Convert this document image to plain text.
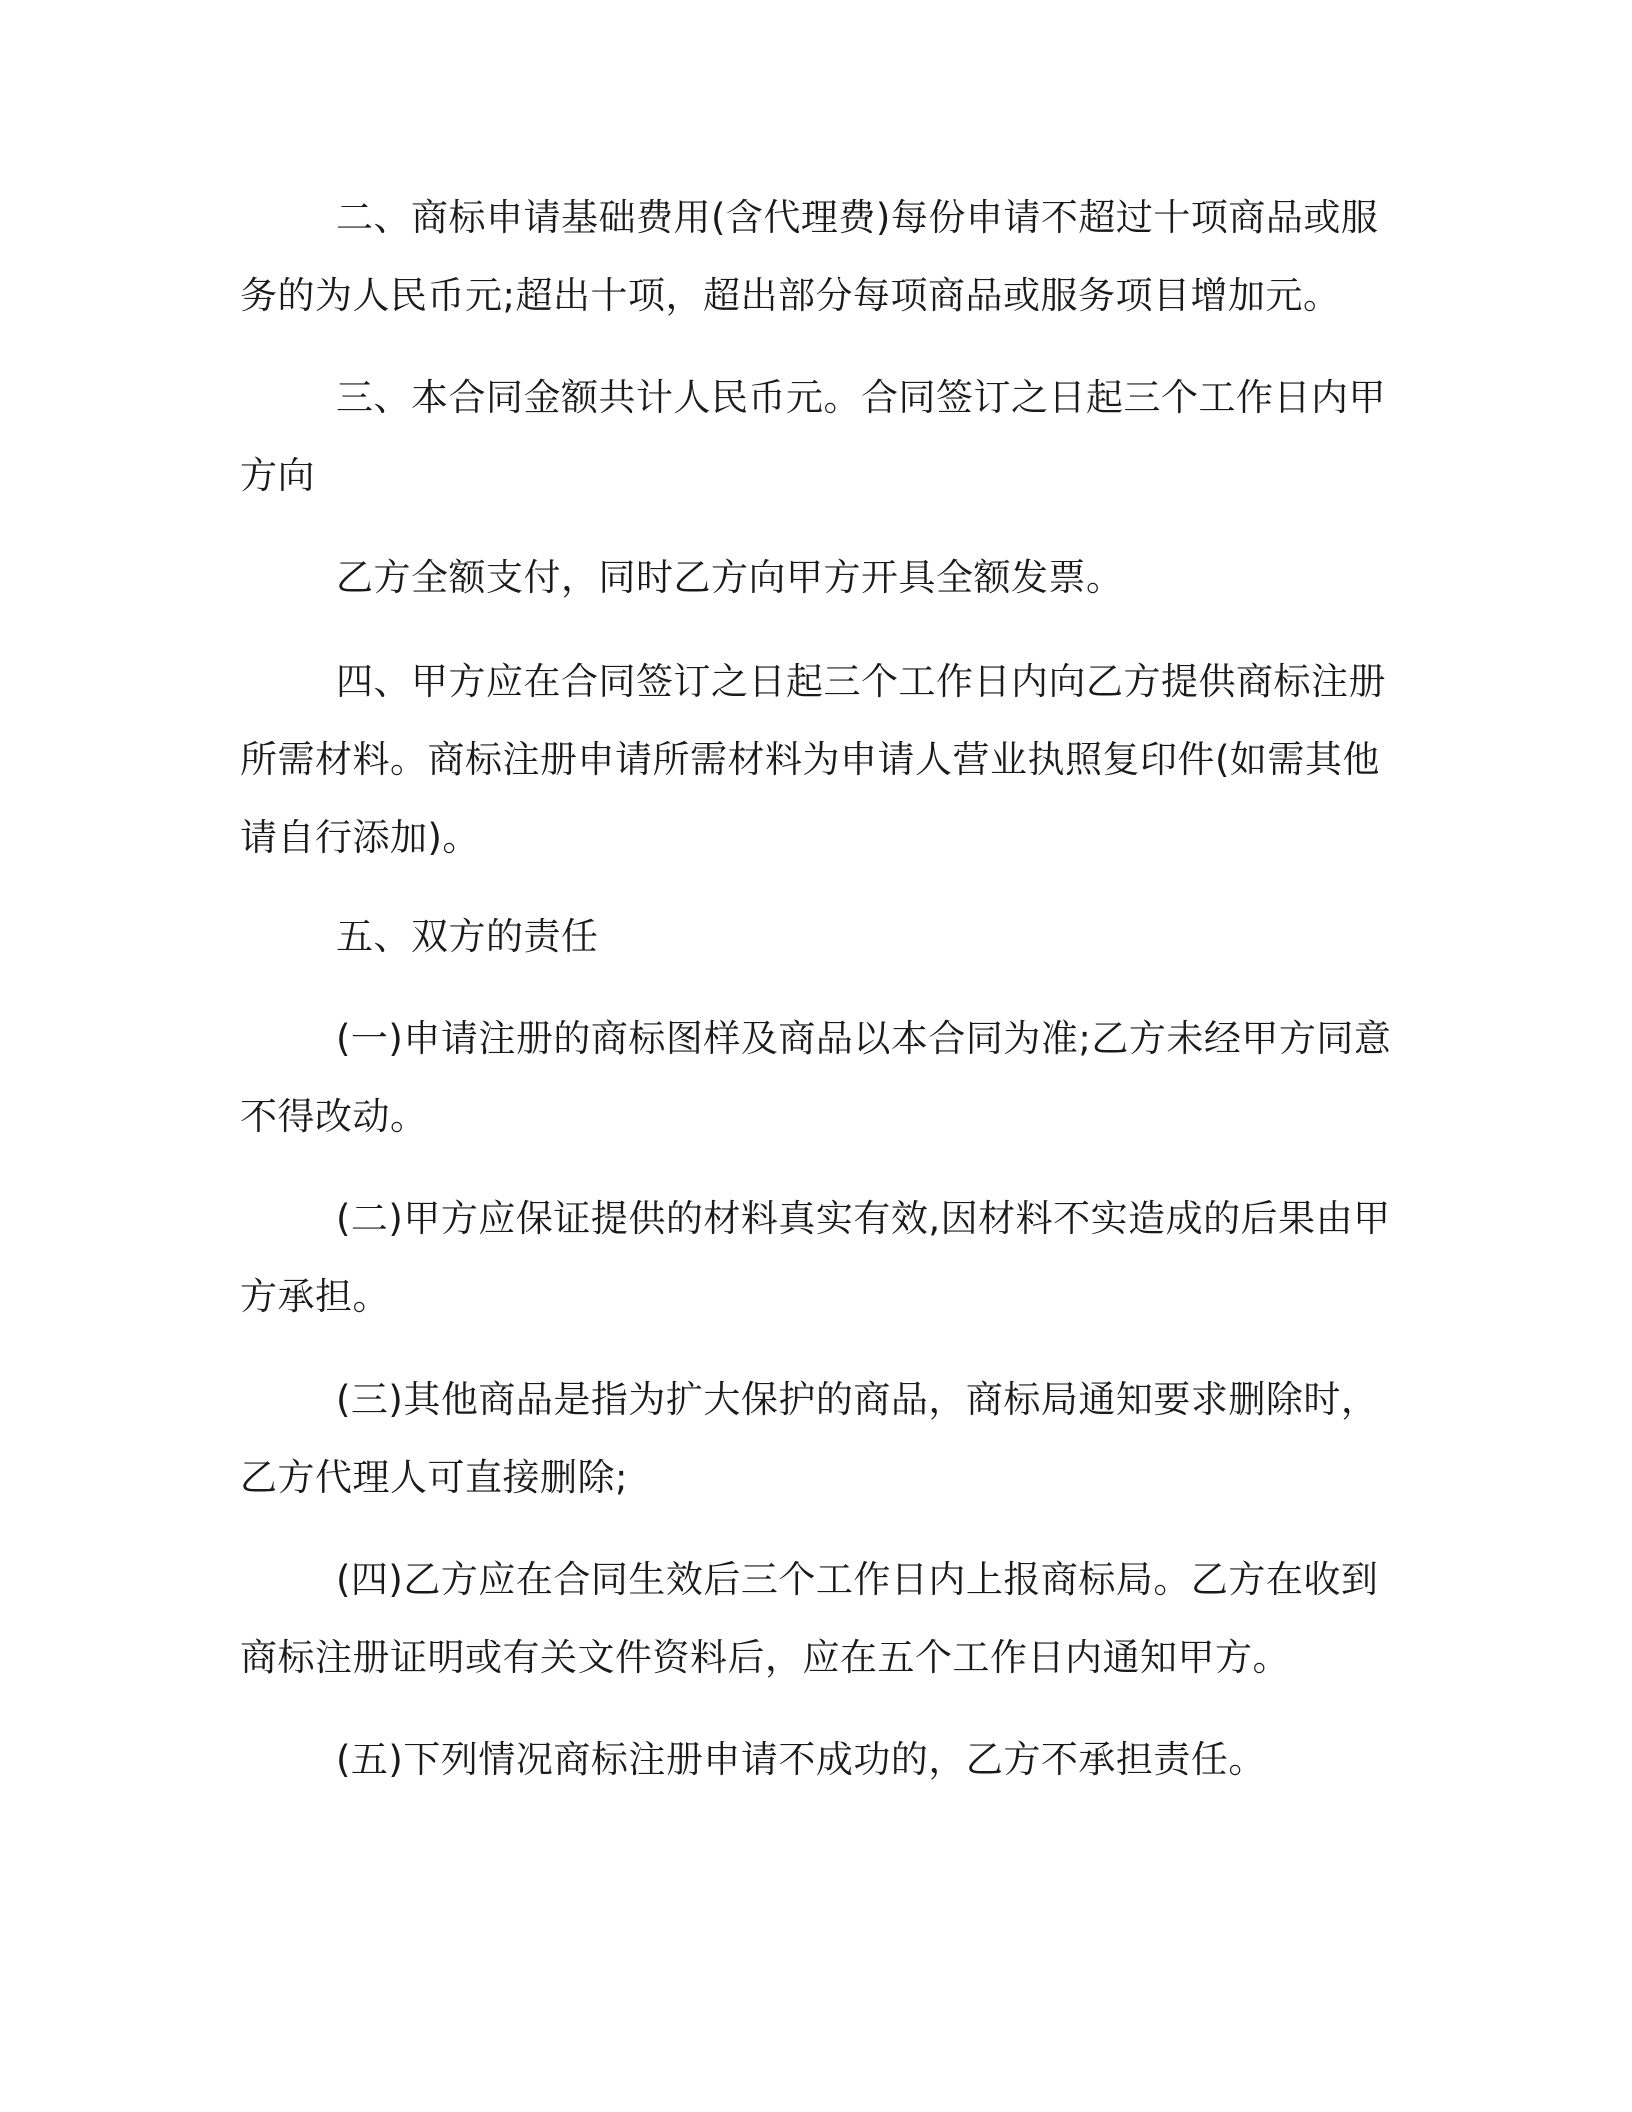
二、商标申请基础费用(含代理费)每份申请不超过十项商品或服
务的为人民币元;超出十项，超出部分每项商品或服务项目增加元。

三、本合同金额共计人民币元。合同签订之日起三个工作日内甲
方向

乙方全额支付，同时乙方向甲方开具全额发票。

四、甲方应在合同签订之日起三个工作日内向乙方提供商标注册
所需材料。商标注册申请所需材料为申请人营业执照复印件(如需其他
请自行添加)。

五、双方的责任

(一)申请注册的商标图样及商品以本合同为准;乙方未经甲方同意
不得改动。

(二)甲方应保证提供的材料真实有效,因材料不实造成的后果由甲
方承担。

(三)其他商品是指为扩大保护的商品，商标局通知要求删除时，
乙方代理人可直接删除;

(四)乙方应在合同生效后三个工作日内上报商标局。乙方在收到
商标注册证明或有关文件资料后，应在五个工作日内通知甲方。

(五)下列情况商标注册申请不成功的，乙方不承担责任。
